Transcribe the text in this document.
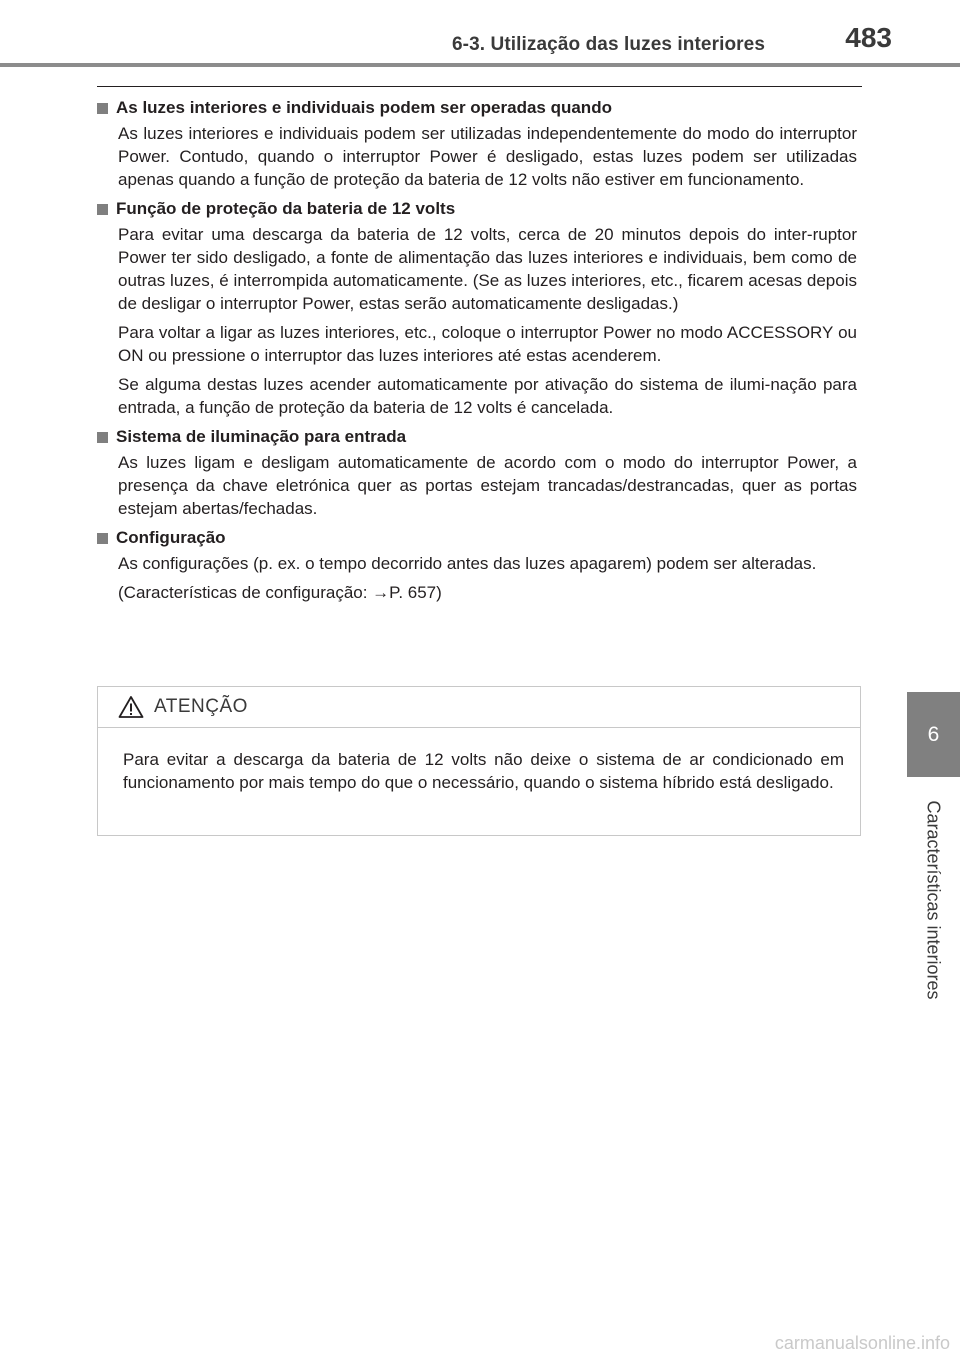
6-3. Utilização das luzes interiores	483
6
Características interiores
As luzes interiores e individuais podem ser operadas quando

As luzes interiores e individuais podem ser utilizadas independentemente do modo do interruptor Power. Contudo, quando o interruptor Power é desligado, estas luzes podem ser utilizadas apenas quando a função de proteção da bateria de 12 volts não estiver em funcionamento.

Função de proteção da bateria de 12 volts

Para evitar uma descarga da bateria de 12 volts, cerca de 20 minutos depois do inter-ruptor Power ter sido desligado, a fonte de alimentação das luzes interiores e individuais, bem como de outras luzes, é interrompida automaticamente. (Se as luzes interiores, etc., ficarem acesas depois de desligar o interruptor Power, estas serão automaticamente desligadas.)

Para voltar a ligar as luzes interiores, etc., coloque o interruptor Power no modo ACCESSORY ou ON ou pressione o interruptor das luzes interiores até estas acenderem.

Se alguma destas luzes acender automaticamente por ativação do sistema de ilumi-nação para entrada, a função de proteção da bateria de 12 volts é cancelada.

Sistema de iluminação para entrada

As luzes ligam e desligam automaticamente de acordo com o modo do interruptor Power, a presença da chave eletrónica quer as portas estejam trancadas/destrancadas, quer as portas estejam abertas/fechadas.

Configuração

As configurações (p. ex. o tempo decorrido antes das luzes apagarem) podem ser alteradas.

(Características de configuração: →P. 657)

ATENÇÃO

Para evitar a descarga da bateria de 12 volts não deixe o sistema de ar condicionado em funcionamento por mais tempo do que o necessário, quando o sistema híbrido está desligado.

carmanualsonline.info
